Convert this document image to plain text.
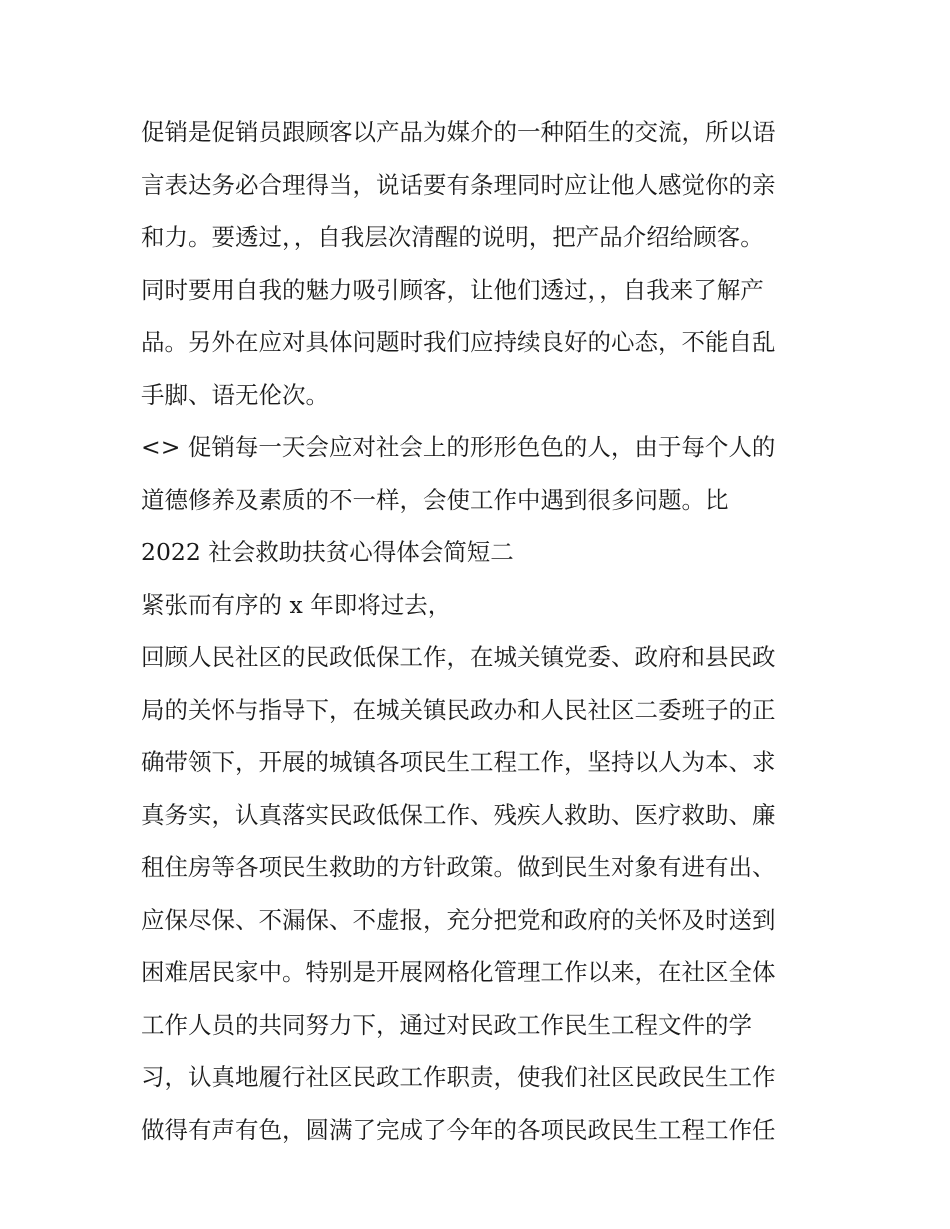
促销是促销员跟顾客以产品为媒介的一种陌生的交流，所以语
言表达务必合理得当，说话要有条理同时应让他人感觉你的亲
和力。要透过，，自我层次清醒的说明，把产品介绍给顾客。
同时要用自我的魅力吸引顾客，让他们透过，，自我来了解产
品。另外在应对具体问题时我们应持续良好的心态，不能自乱
手脚、语无伦次。
<> 促销每一天会应对社会上的形形色色的人，由于每个人的
道德修养及素质的不一样，会使工作中遇到很多问题。比
2022 社会救助扶贫心得体会简短二
紧张而有序的 x 年即将过去，
回顾人民社区的民政低保工作，在城关镇党委、政府和县民政
局的关怀与指导下，在城关镇民政办和人民社区二委班子的正
确带领下，开展的城镇各项民生工程工作，坚持以人为本、求
真务实，认真落实民政低保工作、残疾人救助、医疗救助、廉
租住房等各项民生救助的方针政策。做到民生对象有进有出、
应保尽保、不漏保、不虚报，充分把党和政府的关怀及时送到
困难居民家中。特别是开展网格化管理工作以来，在社区全体
工作人员的共同努力下，通过对民政工作民生工程文件的学
习，认真地履行社区民政工作职责，使我们社区民政民生工作
做得有声有色，圆满了完成了今年的各项民政民生工程工作任
